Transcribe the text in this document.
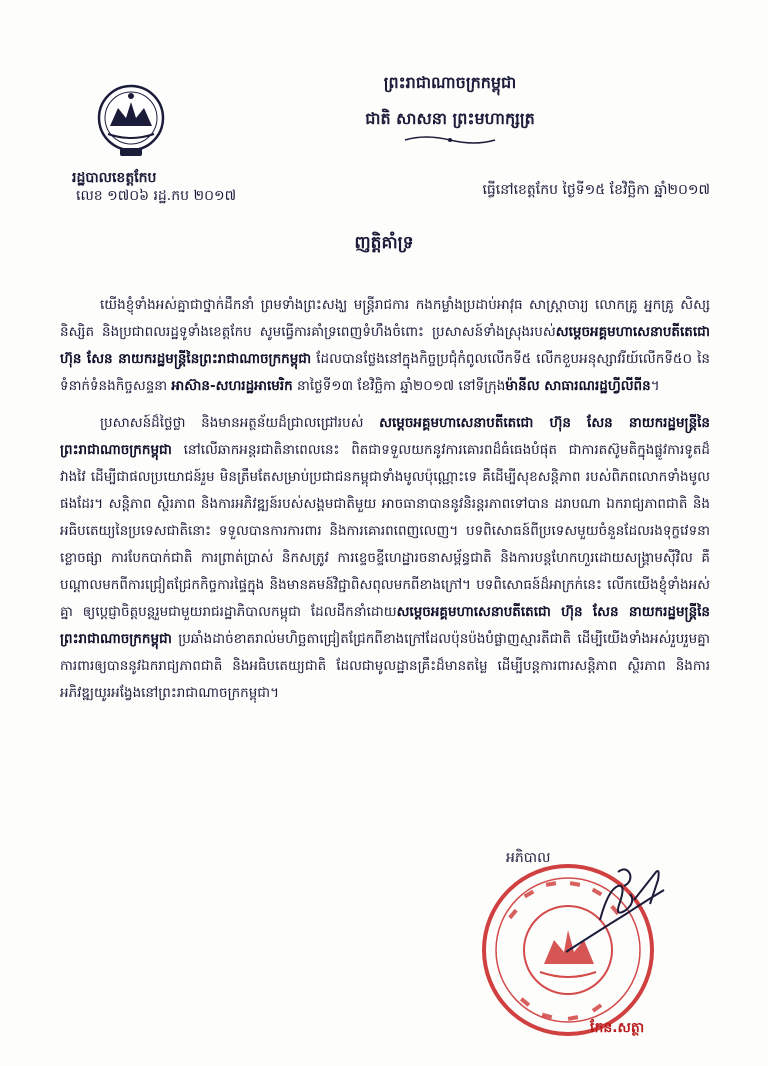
រដ្ឋបាលខេត្តកែប
លេខ ១៧០៦ រដ្ឋ.កប ២០១៧
ព្រះរាជាណាចក្រកម្ពុជា
ជាតិ សាសនា ព្រះមហាក្សត្រ
ធ្វើនៅខេត្តកែប ថ្ងៃទី១៥ ខែវិច្ឆិកា ឆ្នាំ២០១៧
ញត្តិគាំទ្រ

យើងខ្ញុំទាំងអស់គ្នាជាថ្នាក់ដឹកនាំ ព្រមទាំងព្រះសង្ឃ មន្ត្រីរាជការ កងកម្លាំងប្រដាប់អាវុធ សាស្ត្រាចារ្យ លោកគ្រូ អ្នកគ្រូ សិស្សនិស្សិត និងប្រជាពលរដ្ឋទូទាំងខេត្តកែប សូមធ្វើការគាំទ្រពេញទំហឹងចំពោះ ប្រសាសន៍ទាំងស្រុងរបស់សម្តេចអគ្គមហាសេនាបតីតេជោ ហ៊ុន សែន នាយករដ្ឋមន្ត្រីនៃព្រះរាជាណាចក្រកម្ពុជា ដែលបានថ្លែងនៅក្នុងកិច្ចប្រជុំកំពូលលើកទី៥ លើកខួបអនុស្សាវរីយ៍លើកទី៥០ នៃទំនាក់ទំនងកិច្ចសន្ទនា អាស៊ាន-សហរដ្ឋអាមេរិក នាថ្ងៃទី១៣ ខែវិច្ឆិកា ឆ្នាំ២០១៧ នៅទីក្រុងម៉ានីល សាធារណរដ្ឋហ្វីលីពីន។

ប្រសាសន៍ដ៏ថ្លៃថ្លា និងមានអត្ថន័យដ៏ជ្រាលជ្រៅរបស់ សម្តេចអគ្គមហាសេនាបតីតេជោ ហ៊ុន សែន នាយករដ្ឋមន្ត្រីនៃព្រះរាជាណាចក្រកម្ពុជា នៅលើឆាកអន្តរជាតិនាពេលនេះ ពិតជាទទួលយកនូវការគោរពដ៏ធំធេងបំផុត ជាការតស៊ូមតិក្នុងផ្លូវការទូតដ៏វាងវៃ ដើម្បីជាផលប្រយោជន៍រួម មិនត្រឹមតែសម្រាប់ប្រជាជនកម្ពុជាទាំងមូលប៉ុណ្ណោះទេ គឺដើម្បីសុខសន្តិភាព របស់ពិភពលោកទាំងមូលផងដែរ។ សន្តិភាព ស្ថិរភាព និងការអភិវឌ្ឍន៍របស់សង្គមជាតិមួយ អាចធានាបាននូវនិរន្តរភាពទៅបាន ដរាបណា ឯករាជ្យភាពជាតិ និងអធិបតេយ្យនៃប្រទេសជាតិនោះ ទទួលបានការការពារ និងការគោរពពេញលេញ។ បទពិសោធន៍ពីប្រទេសមួយចំនួនដែលរងទុក្ខវេទនាខ្លោចផ្សា ការបែកបាក់ជាតិ ការព្រាត់ប្រាស់ និកសត្រូវ ការខ្ទេចខ្ទីហេដ្ឋារចនាសម្ព័ន្ធជាតិ និងការបន្តហែកហួរដោយសង្គ្រាមស៊ីវិល គឺបណ្តាលមកពីការជ្រៀតជ្រែកកិច្ចការផ្ទៃក្នុង និងមានគមន៍វិជ្ជាពិសពុលមកពីខាងក្រៅ។ បទពិសោធន៍ដ៏អាក្រក់នេះ លើកយើងខ្ញុំទាំងអស់គ្នា ឲ្យប្តេជ្ញាចិត្តបន្តរួមជាមួយរាជរដ្ឋាភិបាលកម្ពុជា ដែលដឹកនាំដោយសម្តេចអគ្គមហាសេនាបតីតេជោ ហ៊ុន សែន នាយករដ្ឋមន្ត្រីនៃព្រះរាជាណាចក្រកម្ពុជា ប្រឆាំងដាច់ខាតរាល់មហិច្ឆតាជ្រៀតជ្រែកពីខាងក្រៅដែលប៉ុនប៉ងបំផ្លាញស្មារតីជាតិ ដើម្បីយើងទាំងអស់រួបរួមគ្នា ការពារឲ្យបាននូវឯករាជ្យភាពជាតិ និងអធិបតេយ្យជាតិ ដែលជាមូលដ្ឋានគ្រឹះដ៏មានតម្លៃ ដើម្បីបន្តការពារសន្តិភាព ស្ថិរភាព និងការអភិវឌ្ឍយូរអង្វែងនៅព្រះរាជាណាចក្រកម្ពុជា។

អភិបាល
កែន.សត្ថា
